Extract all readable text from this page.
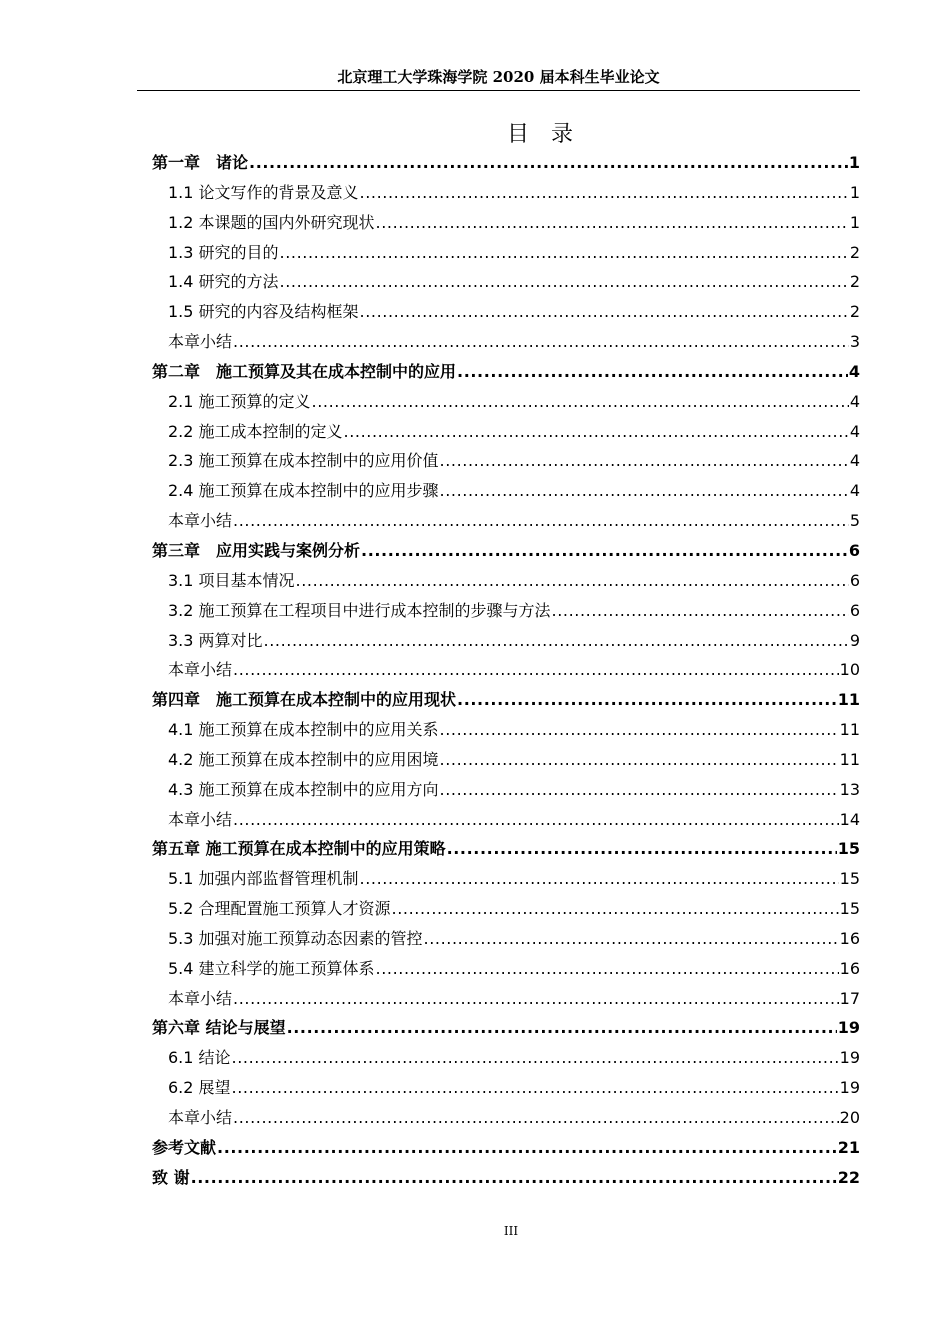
北京理工大学珠海学院 2020 届本科生毕业论文
目　录
第一章　诸论 .....	1
1.1 论文写作的背景及意义 .....	1
1.2 本课题的国内外研究现状 .....	1
1.3 研究的目的 .....	2
1.4 研究的方法 .....	2
1.5 研究的内容及结构框架 .....	2
本章小结 .....	3
第二章　施工预算及其在成本控制中的应用 .....	4
2.1 施工预算的定义 .....	4
2.2 施工成本控制的定义 .....	4
2.3 施工预算在成本控制中的应用价值 .....	4
2.4 施工预算在成本控制中的应用步骤 .....	4
本章小结 .....	5
第三章　应用实践与案例分析 .....	6
3.1 项目基本情况 .....	6
3.2 施工预算在工程项目中进行成本控制的步骤与方法 .....	6
3.3 两算对比 .....	9
本章小结 .....	10
第四章　施工预算在成本控制中的应用现状 .....	11
4.1 施工预算在成本控制中的应用关系 .....	11
4.2 施工预算在成本控制中的应用困境 .....	11
4.3 施工预算在成本控制中的应用方向 .....	13
本章小结 .....	14
第五章 施工预算在成本控制中的应用策略 .....	15
5.1 加强内部监督管理机制 .....	15
5.2 合理配置施工预算人才资源 .....	15
5.3 加强对施工预算动态因素的管控 .....	16
5.4 建立科学的施工预算体系 .....	16
本章小结 .....	17
第六章 结论与展望 .....	19
6.1 结论 .....	19
6.2 展望 .....	19
本章小结 .....	20
参考文献 .....	21
致 谢 .....	22
III
